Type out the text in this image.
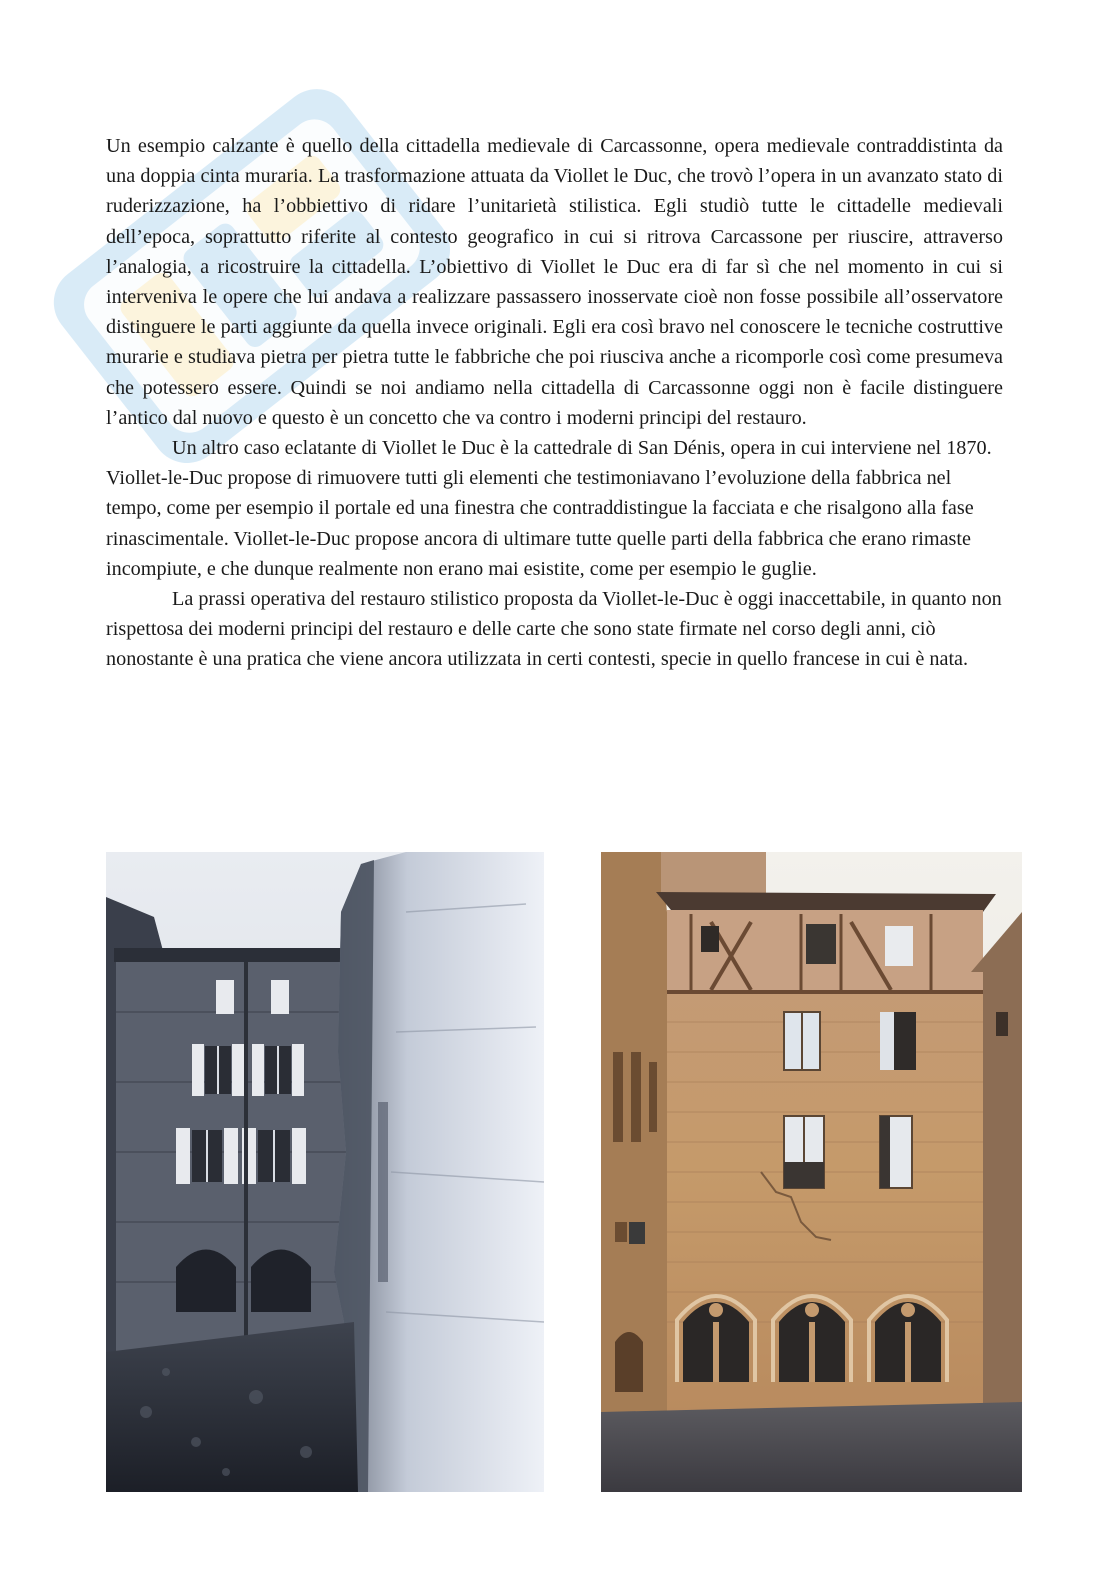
Un esempio calzante è quello della cittadella medievale di Carcassonne, opera medievale contraddistinta da una doppia cinta muraria. La trasformazione attuata da Viollet le Duc, che trovò l’opera in un avanzato stato di ruderizzazione, ha l’obbiettivo di ridare l’unitarietà stilistica. Egli studiò tutte le cittadelle medievali dell’epoca, soprattutto riferite al contesto geografico in cui si ritrova Carcassone per riuscire, attraverso l’analogia, a ricostruire la cittadella. L’obiettivo di Viollet le Duc era di far sì che nel momento in cui si interveniva le opere che lui andava a realizzare passassero inosservate cioè non fosse possibile all’osservatore distinguere le parti aggiunte da quella invece originali. Egli era così bravo nel conoscere le tecniche costruttive murarie e studiava pietra per pietra tutte le fabbriche che poi riusciva anche a ricomporle così come presumeva che potessero essere. Quindi se noi andiamo nella cittadella di Carcassonne oggi non è facile distinguere l’antico dal nuovo e questo è un concetto che va contro i moderni principi del restauro.

Un altro caso eclatante di Viollet le Duc è la cattedrale di San Dénis, opera in cui interviene nel 1870. Viollet-le-Duc propose di rimuovere tutti gli elementi che testimoniavano l’evoluzione della fabbrica nel tempo, come per esempio il portale ed una finestra che contraddistingue la facciata e che risalgono alla fase rinascimentale. Viollet-le-Duc propose ancora di ultimare tutte quelle parti della fabbrica che erano rimaste incompiute, e che dunque realmente non erano mai esistite, come per esempio le guglie.

La prassi operativa del restauro stilistico proposta da Viollet-le-Duc è oggi inaccettabile, in quanto non rispettosa dei moderni principi del restauro e delle carte che sono state firmate nel corso degli anni, ciò nonostante è una pratica che viene ancora utilizzata in certi contesti, specie in quello francese in cui è nata.
